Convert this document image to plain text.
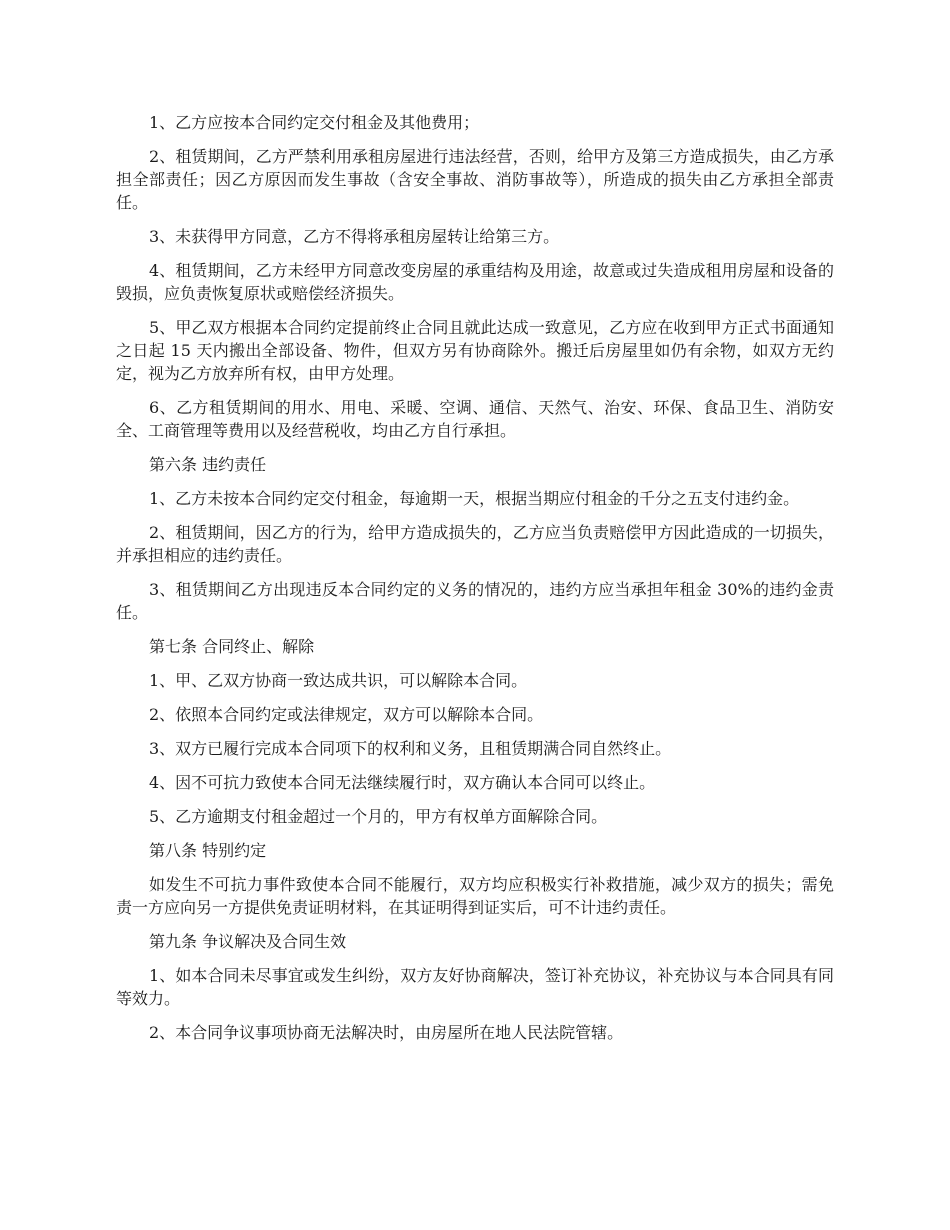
1、乙方应按本合同约定交付租金及其他费用；

2、租赁期间，乙方严禁利用承租房屋进行违法经营，否则，给甲方及第三方造成损失，由乙方承担全部责任；因乙方原因而发生事故（含安全事故、消防事故等），所造成的损失由乙方承担全部责任。

3、未获得甲方同意，乙方不得将承租房屋转让给第三方。

4、租赁期间，乙方未经甲方同意改变房屋的承重结构及用途，故意或过失造成租用房屋和设备的毁损，应负责恢复原状或赔偿经济损失。

5、甲乙双方根据本合同约定提前终止合同且就此达成一致意见，乙方应在收到甲方正式书面通知之日起 15 天内搬出全部设备、物件，但双方另有协商除外。搬迁后房屋里如仍有余物，如双方无约定，视为乙方放弃所有权，由甲方处理。

6、乙方租赁期间的用水、用电、采暖、空调、通信、天然气、治安、环保、食品卫生、消防安全、工商管理等费用以及经营税收，均由乙方自行承担。

第六条 违约责任

1、乙方未按本合同约定交付租金，每逾期一天，根据当期应付租金的千分之五支付违约金。

2、租赁期间，因乙方的行为，给甲方造成损失的，乙方应当负责赔偿甲方因此造成的一切损失，并承担相应的违约责任。

3、租赁期间乙方出现违反本合同约定的义务的情况的，违约方应当承担年租金 30%的违约金责任。

第七条 合同终止、解除

1、甲、乙双方协商一致达成共识，可以解除本合同。

2、依照本合同约定或法律规定，双方可以解除本合同。

3、双方已履行完成本合同项下的权利和义务，且租赁期满合同自然终止。

4、因不可抗力致使本合同无法继续履行时，双方确认本合同可以终止。

5、乙方逾期支付租金超过一个月的，甲方有权单方面解除合同。

第八条 特别约定

如发生不可抗力事件致使本合同不能履行，双方均应积极实行补救措施，减少双方的损失；需免责一方应向另一方提供免责证明材料，在其证明得到证实后，可不计违约责任。

第九条 争议解决及合同生效

1、如本合同未尽事宜或发生纠纷，双方友好协商解决，签订补充协议，补充协议与本合同具有同等效力。

2、本合同争议事项协商无法解决时，由房屋所在地人民法院管辖。
